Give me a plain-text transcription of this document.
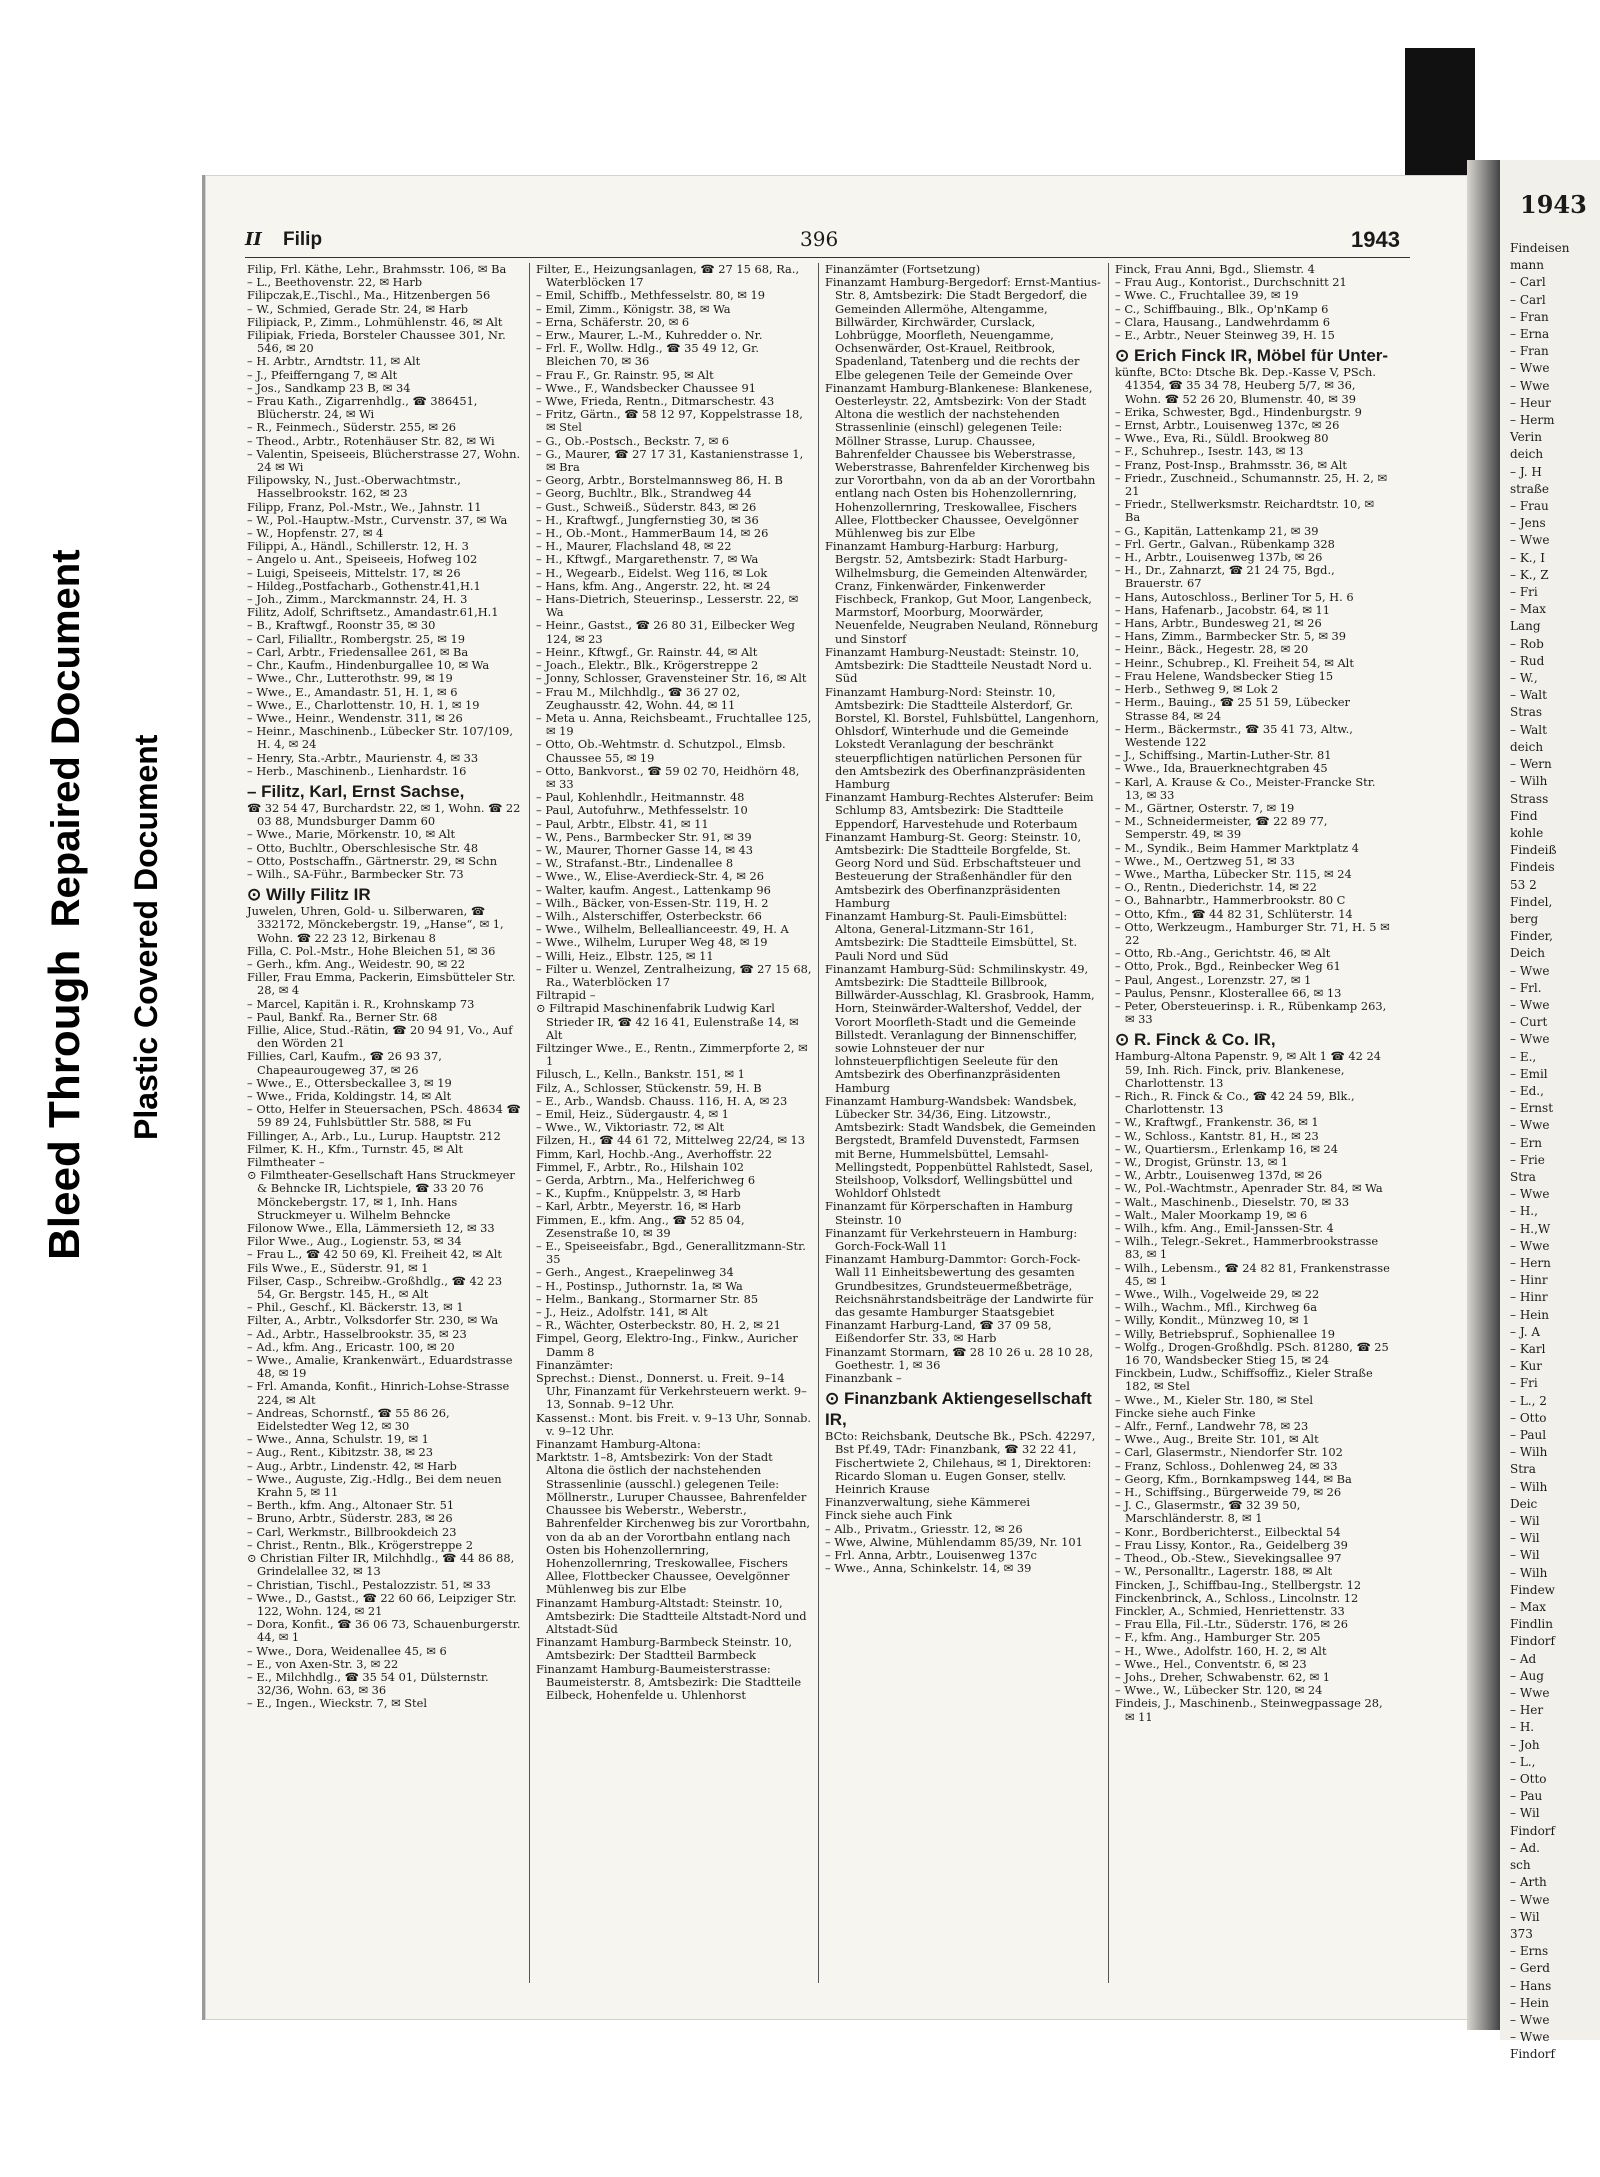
Bleed Through  Repaired Document Plastic Covered Document
II Filip	396	1943
Filip, Frl. Käthe, Lehr., Brahmsstr. 106, ✉ Ba
– L., Beethovenstr. 22, ✉ Harb
Filipczak,E.,Tischl., Ma., Hitzenbergen 56
– W., Schmied, Gerade Str. 24, ✉ Harb
Filipiack, P., Zimm., Lohmühlenstr. 46, ✉ Alt
Filipiak, Frieda, Borsteler Chaussee 301, Nr. 546, ✉ 20
– H. Arbtr., Arndtstr. 11, ✉ Alt
– J., Pfeifferngang 7, ✉ Alt
– Jos., Sandkamp 23 B, ✉ 34
– Frau Kath., Zigarrenhdlg., ☎ 386451, Blücherstr. 24, ✉ Wi
– R., Feinmech., Süderstr. 255, ✉ 26
– Theod., Arbtr., Rotenhäuser Str. 82, ✉ Wi
– Valentin, Speiseeis, Blücherstrasse 27, Wohn. 24 ✉ Wi
Filipowsky, N., Just.-Oberwachtmstr., Hasselbrookstr. 162, ✉ 23
Filipp, Franz, Pol.-Mstr., We., Jahnstr. 11
– W., Pol.-Hauptw.-Mstr., Curvenstr. 37, ✉ Wa
– W., Hopfenstr. 27, ✉ 4
Filippi, A., Händl., Schillerstr. 12, H. 3
– Angelo u. Ant., Speiseeis, Hofweg 102
– Luigi, Speiseeis, Mittelstr. 17, ✉ 26
– Hildeg.,Postfacharb., Gothenstr.41,H.1
– Joh., Zimm., Marckmannstr. 24, H. 3
Filitz, Adolf, Schriftsetz., Amandastr.61,H.1
– B., Kraftwgf., Roonstr 35, ✉ 30
– Carl, Filialltr., Rombergstr. 25, ✉ 19
– Carl, Arbtr., Friedensallee 261, ✉ Ba
– Chr., Kaufm., Hindenburgallee 10, ✉ Wa
– Wwe., Chr., Lutterothstr. 99, ✉ 19
– Wwe., E., Amandastr. 51, H. 1, ✉ 6
– Wwe., E., Charlottenstr. 10, H. 1, ✉ 19
– Wwe., Heinr., Wendenstr. 311, ✉ 26
– Heinr., Maschinenb., Lübecker Str. 107/109, H. 4, ✉ 24
– Henry, Sta.-Arbtr., Maurienstr. 4, ✉ 33
– Herb., Maschinenb., Lienhardstr. 16
– Filitz, Karl, Ernst Sachse,
☎ 32 54 47, Burchardstr. 22, ✉ 1, Wohn. ☎ 22 03 88, Mundsburger Damm 60
– Wwe., Marie, Mörkenstr. 10, ✉ Alt
– Otto, Buchltr., Oberschlesische Str. 48
– Otto, Postschaffn., Gärtnerstr. 29, ✉ Schn
– Wilh., SA-Führ., Barmbecker Str. 73
⊙ Willy Filitz IR
Juwelen, Uhren, Gold- u. Silberwaren, ☎ 332172, Mönckebergstr. 19, „Hanse“, ✉ 1, Wohn. ☎ 22 23 12, Birkenau 8
Filla, C. Pol.-Mstr., Hohe Bleichen 51, ✉ 36
– Gerh., kfm. Ang., Weidestr. 90, ✉ 22
Filler, Frau Emma, Packerin, Eimsbütteler Str. 28, ✉ 4
– Marcel, Kapitän i. R., Krohnskamp 73
– Paul, Bankf. Ra., Berner Str. 68
Fillie, Alice, Stud.-Rätin, ☎ 20 94 91, Vo., Auf den Wörden 21
Fillies, Carl, Kaufm., ☎ 26 93 37, Chapeaurougeweg 37, ✉ 26
– Wwe., E., Ottersbeckallee 3, ✉ 19
– Wwe., Frida, Koldingstr. 14, ✉ Alt
– Otto, Helfer in Steuersachen, PSch. 48634 ☎ 59 89 24, Fuhlsbüttler Str. 588, ✉ Fu
Fillinger, A., Arb., Lu., Lurup. Hauptstr. 212
Filmer, K. H., Kfm., Turnstr. 45, ✉ Alt
Filmtheater –
⊙ Filmtheater-Gesellschaft Hans Struckmeyer & Behncke IR, Lichtspiele, ☎ 33 20 76 Mönckebergstr. 17, ✉ 1, Inh. Hans Struckmeyer u. Wilhelm Behncke
Filonow Wwe., Ella, Lämmersieth 12, ✉ 33
Filor Wwe., Aug., Logienstr. 53, ✉ 34
– Frau L., ☎ 42 50 69, Kl. Freiheit 42, ✉ Alt
Fils Wwe., E., Süderstr. 91, ✉ 1
Filser, Casp., Schreibw.-Großhdlg., ☎ 42 23 54, Gr. Bergstr. 145, H., ✉ Alt
– Phil., Geschf., Kl. Bäckerstr. 13, ✉ 1
Filter, A., Arbtr., Volksdorfer Str. 230, ✉ Wa
– Ad., Arbtr., Hasselbrookstr. 35, ✉ 23
– Ad., kfm. Ang., Ericastr. 100, ✉ 20
– Wwe., Amalie, Krankenwärt., Eduardstrasse 48, ✉ 19
– Frl. Amanda, Konfit., Hinrich-Lohse-Strasse 224, ✉ Alt
– Andreas, Schornstf., ☎ 55 86 26, Eidelstedter Weg 12, ✉ 30
– Wwe., Anna, Schulstr. 19, ✉ 1
– Aug., Rent., Kibitzstr. 38, ✉ 23
– Aug., Arbtr., Lindenstr. 42, ✉ Harb
– Wwe., Auguste, Zig.-Hdlg., Bei dem neuen Krahn 5, ✉ 11
– Berth., kfm. Ang., Altonaer Str. 51
– Bruno, Arbtr., Süderstr. 283, ✉ 26
– Carl, Werkmstr., Billbrookdeich 23
– Christ., Rentn., Blk., Krögerstreppe 2
⊙ Christian Filter IR, Milchhdlg., ☎ 44 86 88, Grindelallee 32, ✉ 13
– Christian, Tischl., Pestalozzistr. 51, ✉ 33
– Wwe., D., Gastst., ☎ 22 60 66, Leipziger Str. 122, Wohn. 124, ✉ 21
– Dora, Konfit., ☎ 36 06 73, Schauenburgerstr. 44, ✉ 1
– Wwe., Dora, Weidenallee 45, ✉ 6
– E., von Axen-Str. 3, ✉ 22
– E., Milchhdlg., ☎ 35 54 01, Dülsternstr. 32/36, Wohn. 63, ✉ 36
– E., Ingen., Wieckstr. 7, ✉ Stel
Filter, E., Heizungsanlagen, ☎ 27 15 68, Ra., Waterblöcken 17
– Emil, Schiffb., Methfesselstr. 80, ✉ 19
– Emil, Zimm., Königstr. 38, ✉ Wa
– Erna, Schäferstr. 20, ✉ 6
– Erw., Maurer, L.-M., Kuhredder o. Nr.
– Frl. F., Wollw. Hdlg., ☎ 35 49 12, Gr. Bleichen 70, ✉ 36
– Frau F., Gr. Rainstr. 95, ✉ Alt
– Wwe., F., Wandsbecker Chaussee 91
– Wwe, Frieda, Rentn., Ditmarschestr. 43
– Fritz, Gärtn., ☎ 58 12 97, Koppelstrasse 18, ✉ Stel
– G., Ob.-Postsch., Beckstr. 7, ✉ 6
– G., Maurer, ☎ 27 17 31, Kastanienstrasse 1, ✉ Bra
– Georg, Arbtr., Borstelmannsweg 86, H. B
– Georg, Buchltr., Blk., Strandweg 44
– Gust., Schweiß., Süderstr. 843, ✉ 26
– H., Kraftwgf., Jungfernstieg 30, ✉ 36
– H., Ob.-Mont., HammerBaum 14, ✉ 26
– H., Maurer, Flachsland 48, ✉ 22
– H., Kftwgf., Margarethenstr. 7, ✉ Wa
– H., Wegearb., Eidelst. Weg 116, ✉ Lok
– Hans, kfm. Ang., Angerstr. 22, ht. ✉ 24
– Hans-Dietrich, Steuerinsp., Lesserstr. 22, ✉ Wa
– Heinr., Gastst., ☎ 26 80 31, Eilbecker Weg 124, ✉ 23
– Heinr., Kftwgf., Gr. Rainstr. 44, ✉ Alt
– Joach., Elektr., Blk., Krögerstreppe 2
– Jonny, Schlosser, Gravensteiner Str. 16, ✉ Alt
– Frau M., Milchhdlg., ☎ 36 27 02, Zeughausstr. 42, Wohn. 44, ✉ 11
– Meta u. Anna, Reichsbeamt., Fruchtallee 125, ✉ 19
– Otto, Ob.-Wehtmstr. d. Schutzpol., Elmsb. Chaussee 55, ✉ 19
– Otto, Bankvorst., ☎ 59 02 70, Heidhörn 48, ✉ 33
– Paul, Kohlenhdlr., Heitmannstr. 48
– Paul, Autofuhrw., Methfesselstr. 10
– Paul, Arbtr., Elbstr. 41, ✉ 11
– W., Pens., Barmbecker Str. 91, ✉ 39
– W., Maurer, Thorner Gasse 14, ✉ 43
– W., Strafanst.-Btr., Lindenallee 8
– Wwe., W., Elise-Averdieck-Str. 4, ✉ 26
– Walter, kaufm. Angest., Lattenkamp 96
– Wilh., Bäcker, von-Essen-Str. 119, H. 2
– Wilh., Alsterschiffer, Osterbeckstr. 66
– Wwe., Wilhelm, Belleallianceestr. 49, H. A
– Wwe., Wilhelm, Luruper Weg 48, ✉ 19
– Willi, Heiz., Elbstr. 125, ✉ 11
– Filter u. Wenzel, Zentralheizung, ☎ 27 15 68, Ra., Waterblöcken 17
Filtrapid –
⊙ Filtrapid Maschinenfabrik Ludwig Karl Strieder IR, ☎ 42 16 41, Eulenstraße 14, ✉ Alt
Filtzinger Wwe., E., Rentn., Zimmerpforte 2, ✉ 1
Filusch, L., Kelln., Bankstr. 151, ✉ 1
Filz, A., Schlosser, Stückenstr. 59, H. B
– E., Arb., Wandsb. Chauss. 116, H. A, ✉ 23
– Emil, Heiz., Südergaustr. 4, ✉ 1
– Wwe., W., Viktoriastr. 72, ✉ Alt
Filzen, H., ☎ 44 61 72, Mittelweg 22/24, ✉ 13
Fimm, Karl, Hochb.-Ang., Averhoffstr. 22
Fimmel, F., Arbtr., Ro., Hilshain 102
– Gerda, Arbtrn., Ma., Helferichweg 6
– K., Kupfm., Knüppelstr. 3, ✉ Harb
– Karl, Arbtr., Meyerstr. 16, ✉ Harb
Fimmen, E., kfm. Ang., ☎ 52 85 04, Zesenstraße 10, ✉ 39
– E., Speiseeisfabr., Bgd., Generallitzmann-Str. 35
– Gerh., Angest., Kraepelinweg 34
– H., Postinsp., Juthornstr. 1a, ✉ Wa
– Helm., Bankang., Stormarner Str. 85
– J., Heiz., Adolfstr. 141, ✉ Alt
– R., Wächter, Osterbeckstr. 80, H. 2, ✉ 21
Fimpel, Georg, Elektro-Ing., Finkw., Auricher Damm 8
Finanzämter:
Sprechst.: Dienst., Donnerst. u. Freit. 9–14 Uhr, Finanzamt für Verkehrsteuern werkt. 9–13, Sonnab. 9–12 Uhr.
Kassenst.: Mont. bis Freit. v. 9–13 Uhr, Sonnab. v. 9–12 Uhr.
Finanzamt Hamburg-Altona:
Marktstr. 1–8, Amtsbezirk: Von der Stadt Altona die östlich der nachstehenden Strassenlinie (ausschl.) gelegenen Teile: Möllnerstr., Luruper Chaussee, Bahrenfelder Chaussee bis Weberstr., Weberstr., Bahrenfelder Kirchenweg bis zur Vorortbahn, von da ab an der Vorortbahn entlang nach Osten bis Hohenzollernring, Hohenzollernring, Treskowallee, Fischers Allee, Flottbecker Chaussee, Oevelgönner Mühlenweg bis zur Elbe
Finanzamt Hamburg-Altstadt: Steinstr. 10, Amtsbezirk: Die Stadtteile Altstadt-Nord und Altstadt-Süd
Finanzamt Hamburg-Barmbeck Steinstr. 10, Amtsbezirk: Der Stadtteil Barmbeck
Finanzamt Hamburg-Baumeisterstrasse: Baumeisterstr. 8, Amtsbezirk: Die Stadtteile Eilbeck, Hohenfelde u. Uhlenhorst
Finanzämter (Fortsetzung)
Finanzamt Hamburg-Bergedorf: Ernst-Mantius-Str. 8, Amtsbezirk: Die Stadt Bergedorf, die Gemeinden Allermöhe, Altengamme, Billwärder, Kirchwärder, Curslack, Lohbrügge, Moorfleth, Neuengamme, Ochsenwärder, Ost-Krauel, Reitbrook, Spadenland, Tatenberg und die rechts der Elbe gelegenen Teile der Gemeinde Over
Finanzamt Hamburg-Blankenese: Blankenese, Oesterleystr. 22, Amtsbezirk: Von der Stadt Altona die westlich der nachstehenden Strassenlinie (einschl) gelegenen Teile: Möllner Strasse, Lurup. Chaussee, Bahrenfelder Chaussee bis Weberstrasse, Weberstrasse, Bahrenfelder Kirchenweg bis zur Vorortbahn, von da ab an der Vorortbahn entlang nach Osten bis Hohenzollernring, Hohenzollernring, Treskowallee, Fischers Allee, Flottbecker Chaussee, Oevelgönner Mühlenweg bis zur Elbe
Finanzamt Hamburg-Harburg: Harburg, Bergstr. 52, Amtsbezirk: Stadt Harburg-Wilhelmsburg, die Gemeinden Altenwärder, Cranz, Finkenwärder, Finkenwerder Fischbeck, Frankop, Gut Moor, Langenbeck, Marmstorf, Moorburg, Moorwärder, Neuenfelde, Neugraben Neuland, Rönneburg und Sinstorf
Finanzamt Hamburg-Neustadt: Steinstr. 10, Amtsbezirk: Die Stadtteile Neustadt Nord u. Süd
Finanzamt Hamburg-Nord: Steinstr. 10, Amtsbezirk: Die Stadtteile Alsterdorf, Gr. Borstel, Kl. Borstel, Fuhlsbüttel, Langenhorn, Ohlsdorf, Winterhude und die Gemeinde Lokstedt Veranlagung der beschränkt steuerpflichtigen natürlichen Personen für den Amtsbezirk des Oberfinanzpräsidenten Hamburg
Finanzamt Hamburg-Rechtes Alsterufer: Beim Schlump 83, Amtsbezirk: Die Stadtteile Eppendorf, Harvestehude und Roterbaum
Finanzamt Hamburg-St. Georg: Steinstr. 10, Amtsbezirk: Die Stadtteile Borgfelde, St. Georg Nord und Süd. Erbschaftsteuer und Besteuerung der Straßenhändler für den Amtsbezirk des Oberfinanzpräsidenten Hamburg
Finanzamt Hamburg-St. Pauli-Eimsbüttel: Altona, General-Litzmann-Str 161, Amtsbezirk: Die Stadtteile Eimsbüttel, St. Pauli Nord und Süd
Finanzamt Hamburg-Süd: Schmilinskystr. 49, Amtsbezirk: Die Stadtteile Billbrook, Billwärder-Ausschlag, Kl. Grasbrook, Hamm, Horn, Steinwärder-Waltershof, Veddel, der Vorort Moorfleth-Stadt und die Gemeinde Billstedt. Veranlagung der Binnenschiffer, sowie Lohnsteuer der nur lohnsteuerpflichtigen Seeleute für den Amtsbezirk des Oberfinanzpräsidenten Hamburg
Finanzamt Hamburg-Wandsbek: Wandsbek, Lübecker Str. 34/36, Eing. Litzowstr., Amtsbezirk: Stadt Wandsbek, die Gemeinden Bergstedt, Bramfeld Duvenstedt, Farmsen mit Berne, Hummelsbüttel, Lemsahl-Mellingstedt, Poppenbüttel Rahlstedt, Sasel, Steilshoop, Volksdorf, Wellingsbüttel und Wohldorf Ohlstedt
Finanzamt für Körperschaften in Hamburg Steinstr. 10
Finanzamt für Verkehrsteuern in Hamburg: Gorch-Fock-Wall 11
Finanzamt Hamburg-Dammtor: Gorch-Fock-Wall 11 Einheitsbewertung des gesamten Grundbesitzes, Grundsteuermeßbeträge, Reichsnährstandsbeiträge der Landwirte für das gesamte Hamburger Staatsgebiet
Finanzamt Harburg-Land, ☎ 37 09 58, Eißendorfer Str. 33, ✉ Harb
Finanzamt Stormarn, ☎ 28 10 26 u. 28 10 28, Goethestr. 1, ✉ 36
Finanzbank –
⊙ Finanzbank Aktiengesellschaft IR,
BCto: Reichsbank, Deutsche Bk., PSch. 42297, Bst Pf.49, TAdr: Finanzbank, ☎ 32 22 41, Fischertwiete 2, Chilehaus, ✉ 1, Direktoren: Ricardo Sloman u. Eugen Gonser, stellv. Heinrich Krause
Finanzverwaltung, siehe Kämmerei
Finck siehe auch Fink
– Alb., Privatm., Griesstr. 12, ✉ 26
– Wwe, Alwine, Mühlendamm 85/39, Nr. 101
– Frl. Anna, Arbtr., Louisenweg 137c
– Wwe., Anna, Schinkelstr. 14, ✉ 39
Finck, Frau Anni, Bgd., Sliemstr. 4
– Frau Aug., Kontorist., Durchschnitt 21
– Wwe. C., Fruchtallee 39, ✉ 19
– C., Schiffbauing., Blk., Op'nKamp 6
– Clara, Hausang., Landwehrdamm 6
– E., Arbtr., Neuer Steinweg 39, H. 15
⊙ Erich Finck IR, Möbel für Unter-
künfte, BCto: Dtsche Bk. Dep.-Kasse V, PSch. 41354, ☎ 35 34 78, Heuberg 5/7, ✉ 36, Wohn. ☎ 52 26 20, Blumenstr. 40, ✉ 39
– Erika, Schwester, Bgd., Hindenburgstr. 9
– Ernst, Arbtr., Louisenweg 137c, ✉ 26
– Wwe., Eva, Ri., Süldl. Brookweg 80
– F., Schuhrep., Isestr. 143, ✉ 13
– Franz, Post-Insp., Brahmsstr. 36, ✉ Alt
– Friedr., Zuschneid., Schumannstr. 25, H. 2, ✉ 21
– Friedr., Stellwerksmstr. Reichardtstr. 10, ✉ Ba
– G., Kapitän, Lattenkamp 21, ✉ 39
– Frl. Gertr., Galvan., Rübenkamp 328
– H., Arbtr., Louisenweg 137b, ✉ 26
– H., Dr., Zahnarzt, ☎ 21 24 75, Bgd., Brauerstr. 67
– Hans, Autoschloss., Berliner Tor 5, H. 6
– Hans, Hafenarb., Jacobstr. 64, ✉ 11
– Hans, Arbtr., Bundesweg 21, ✉ 26
– Hans, Zimm., Barmbecker Str. 5, ✉ 39
– Heinr., Bäck., Hegestr. 28, ✉ 20
– Heinr., Schubrep., Kl. Freiheit 54, ✉ Alt
– Frau Helene, Wandsbecker Stieg 15
– Herb., Sethweg 9, ✉ Lok 2
– Herm., Bauing., ☎ 25 51 59, Lübecker Strasse 84, ✉ 24
– Herm., Bäckermstr., ☎ 35 41 73, Altw., Westende 122
– J., Schiffsing., Martin-Luther-Str. 81
– Wwe., Ida, Brauerknechtgraben 45
– Karl, A. Krause & Co., Meister-Francke Str. 13, ✉ 33
– M., Gärtner, Osterstr. 7, ✉ 19
– M., Schneidermeister, ☎ 22 89 77, Semperstr. 49, ✉ 39
– M., Syndik., Beim Hammer Marktplatz 4
– Wwe., M., Oertzweg 51, ✉ 33
– Wwe., Martha, Lübecker Str. 115, ✉ 24
– O., Rentn., Diederichstr. 14, ✉ 22
– O., Bahnarbtr., Hammerbrookstr. 80 C
– Otto, Kfm., ☎ 44 82 31, Schlüterstr. 14
– Otto, Werkzeugm., Hamburger Str. 71, H. 5 ✉ 22
– Otto, Rb.-Ang., Gerichtstr. 46, ✉ Alt
– Otto, Prok., Bgd., Reinbecker Weg 61
– Paul, Angest., Lorenzstr. 27, ✉ 1
– Paulus, Pensnr., Klosterallee 66, ✉ 13
– Peter, Obersteuerinsp. i. R., Rübenkamp 263, ✉ 33
⊙ R. Finck & Co. IR,
Hamburg-Altona Papenstr. 9, ✉ Alt 1 ☎ 42 24 59, Inh. Rich. Finck, priv. Blankenese, Charlottenstr. 13
– Rich., R. Finck & Co., ☎ 42 24 59, Blk., Charlottenstr. 13
– W., Kraftwgf., Frankenstr. 36, ✉ 1
– W., Schloss., Kantstr. 81, H., ✉ 23
– W., Quartiersm., Erlenkamp 16, ✉ 24
– W., Drogist, Grünstr. 13, ✉ 1
– W., Arbtr., Louisenweg 137d, ✉ 26
– W., Pol.-Wachtmstr., Apenrader Str. 84, ✉ Wa
– Walt., Maschinenb., Dieselstr. 70, ✉ 33
– Walt., Maler Moorkamp 19, ✉ 6
– Wilh., kfm. Ang., Emil-Janssen-Str. 4
– Wilh., Telegr.-Sekret., Hammerbrookstrasse 83, ✉ 1
– Wilh., Lebensm., ☎ 24 82 81, Frankenstrasse 45, ✉ 1
– Wwe., Wilh., Vogelweide 29, ✉ 22
– Wilh., Wachm., Mfl., Kirchweg 6a
– Willy, Kondit., Münzweg 10, ✉ 1
– Willy, Betriebspruf., Sophienallee 19
– Wolfg., Drogen-Großhdlg. PSch. 81280, ☎ 25 16 70, Wandsbecker Stieg 15, ✉ 24
Finckbein, Ludw., Schiffsoffiz., Kieler Straße 182, ✉ Stel
– Wwe., M., Kieler Str. 180, ✉ Stel
Fincke siehe auch Finke
– Alfr., Fernf., Landwehr 78, ✉ 23
– Wwe., Aug., Breite Str. 101, ✉ Alt
– Carl, Glasermstr., Niendorfer Str. 102
– Franz, Schloss., Dohlenweg 24, ✉ 33
– Georg, Kfm., Bornkampsweg 144, ✉ Ba
– H., Schiffsing., Bürgerweide 79, ✉ 26
– J. C., Glasermstr., ☎ 32 39 50, Marschländerstr. 8, ✉ 1
– Konr., Bordberichterst., Eilbecktal 54
– Frau Lissy, Kontor., Ra., Geidelberg 39
– Theod., Ob.-Stew., Sievekingsallee 97
– W., Personalltr., Lagerstr. 188, ✉ Alt
Fincken, J., Schiffbau-Ing., Stellbergstr. 12
Finckenbrinck, A., Schloss., Lincolnstr. 12
Finckler, A., Schmied, Henriettenstr. 33
– Frau Ella, Fil.-Ltr., Süderstr. 176, ✉ 26
– F., kfm. Ang., Hamburger Str. 205
– H., Wwe., Adolfstr. 160, H. 2, ✉ Alt
– Wwe., Hel., Conventstr. 6, ✉ 23
– Johs., Dreher, Schwabenstr. 62, ✉ 1
– Wwe., W., Lübecker Str. 120, ✉ 24
Findeis, J., Maschinenb., Steinwegpassage 28, ✉ 11
1943
Findeisen
mann
– Carl
– Carl
– Fran
– Erna
– Fran
– Wwe
– Wwe
– Heur
– Herm
Verin
deich
– J. H
straße
– Frau
– Jens
– Wwe
– K., I
– K., Z
– Fri
– Max
Lang
– Rob
– Rud
– W.,
– Walt
Stras
– Walt
deich
– Wern
– Wilh
Strass
Find
kohle
Findeiß
Findeis
53 2
Findel,
berg
Finder,
Deich
– Wwe
– Frl.
– Wwe
– Curt
– Wwe
– E.,
– Emil
– Ed.,
– Ernst
– Wwe
– Ern
– Frie
Stra
– Wwe
– H.,
– H.,W
– Wwe
– Hern
– Hinr
– Hinr
– Hein
– J. A
– Karl
– Kur
– Fri
– L., 2
– Otto
– Paul
– Wilh
Stra
– Wilh
Deic
– Wil
– Wil
– Wil
– Wilh
Findew
– Max
Findlin
Findorf
– Ad
– Aug
– Wwe
– Her
– H.
– Joh
– L.,
– Otto
– Pau
– Wil
Findorf
– Ad.
sch
– Arth
– Wwe
– Wil
373
– Erns
– Gerd
– Hans
– Hein
– Wwe
– Wwe
Findorf
